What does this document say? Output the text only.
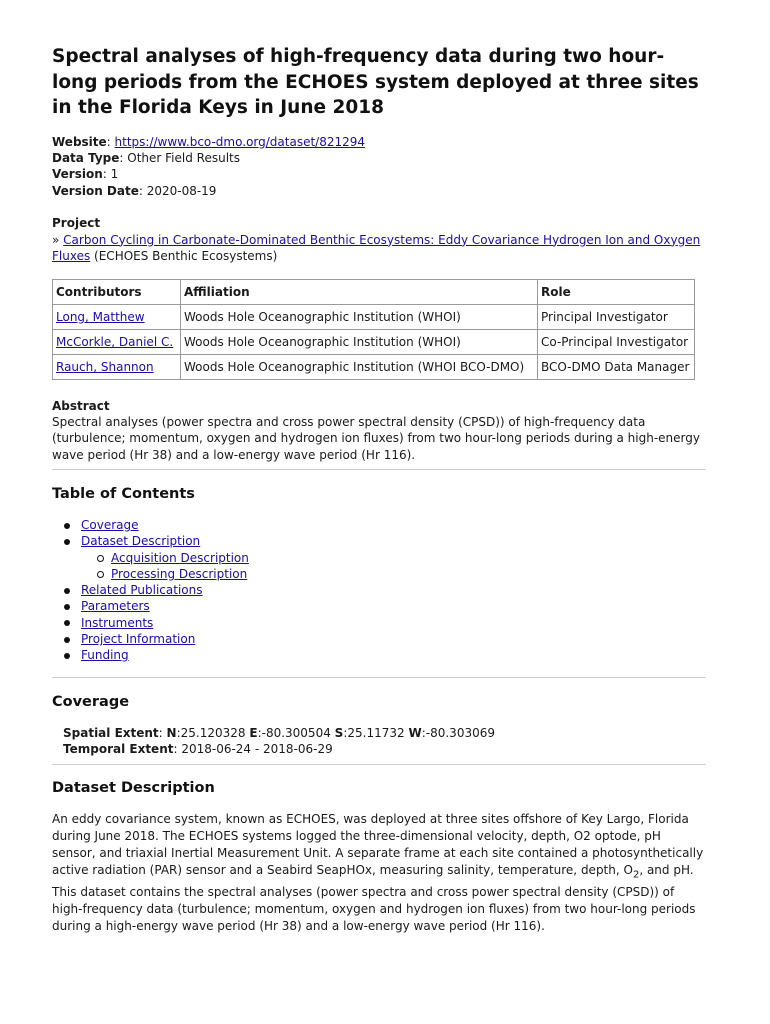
Spectral analyses of high-frequency data during two hour-long periods from the ECHOES system deployed at three sites in the Florida Keys in June 2018
Website: https://www.bco-dmo.org/dataset/821294
Data Type: Other Field Results
Version: 1
Version Date: 2020-08-19
Project
» Carbon Cycling in Carbonate-Dominated Benthic Ecosystems: Eddy Covariance Hydrogen Ion and Oxygen Fluxes (ECHOES Benthic Ecosystems)
Contributors	Affiliation	Role
Long, Matthew	Woods Hole Oceanographic Institution (WHOI)	Principal Investigator
McCorkle, Daniel C.	Woods Hole Oceanographic Institution (WHOI)	Co-Principal Investigator
Rauch, Shannon	Woods Hole Oceanographic Institution (WHOI BCO-DMO)	BCO-DMO Data Manager
Abstract
Spectral analyses (power spectra and cross power spectral density (CPSD)) of high-frequency data (turbulence; momentum, oxygen and hydrogen ion fluxes) from two hour-long periods during a high-energy wave period (Hr 38) and a low-energy wave period (Hr 116).
Table of Contents
Coverage
Dataset Description
Acquisition Description
Processing Description
Related Publications
Parameters
Instruments
Project Information
Funding
Coverage
Spatial Extent: N:25.120328 E:-80.300504 S:25.11732 W:-80.303069
Temporal Extent: 2018-06-24 - 2018-06-29
Dataset Description
An eddy covariance system, known as ECHOES, was deployed at three sites offshore of Key Largo, Florida during June 2018. The ECHOES systems logged the three-dimensional velocity, depth, O2 optode, pH sensor, and triaxial Inertial Measurement Unit. A separate frame at each site contained a photosynthetically active radiation (PAR) sensor and a Seabird SeapHOx, measuring salinity, temperature, depth, $O_2$, and pH. This dataset contains the spectral analyses (power spectra and cross power spectral density (CPSD)) of high-frequency data (turbulence; momentum, oxygen and hydrogen ion fluxes) from two hour-long periods during a high-energy wave period (Hr 38) and a low-energy wave period (Hr 116).
